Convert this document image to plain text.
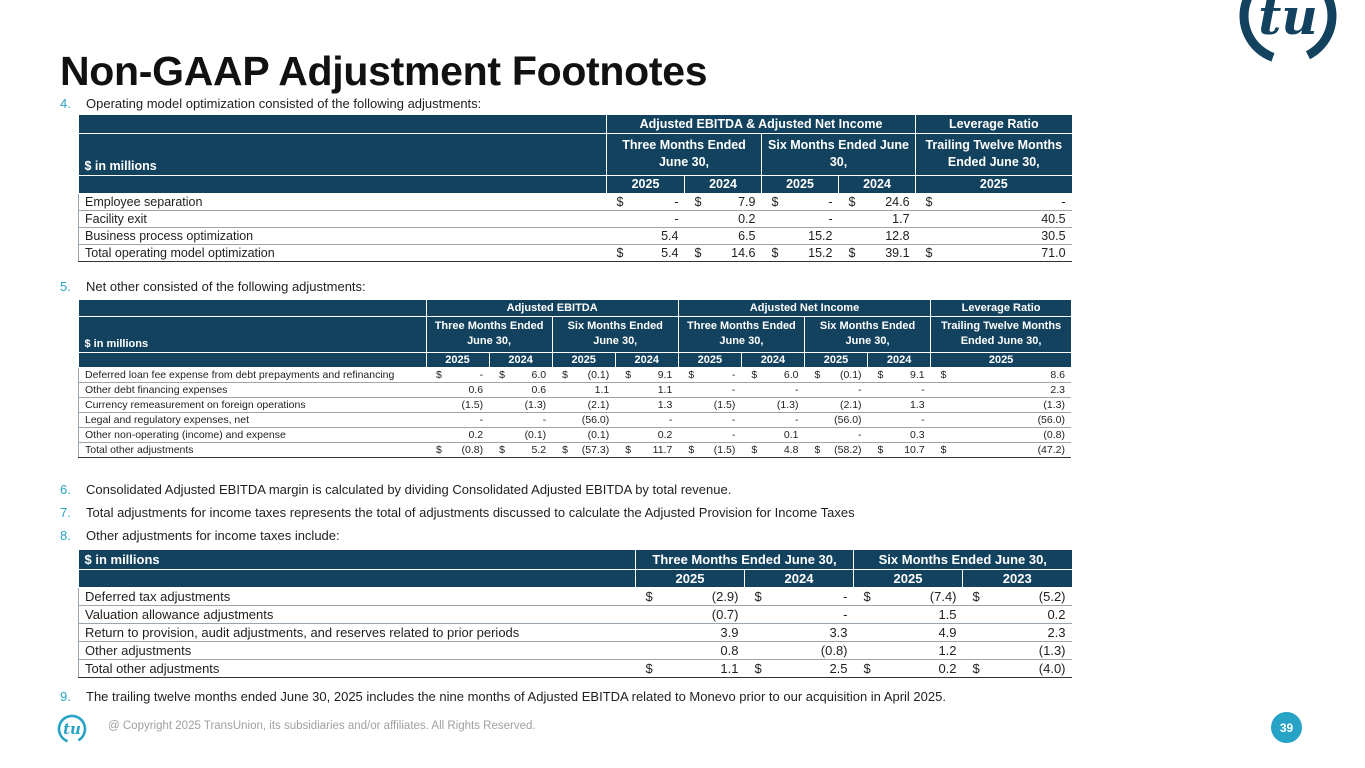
Non-GAAP Adjustment Footnotes
tu
4. Operating model optimization consisted of the following adjustments:
	Adjusted EBITDA & Adjusted Net Income				Leverage Ratio
$ in millions	Three Months Ended June 30,		Six Months Ended June 30,		Trailing Twelve Months Ended June 30,
	2025	2024	2025	2024	2025
Employee separation	$ -	$ 7.9	$ -	$ 24.6	$ -

Facility exit	-	0.2	-	1.7	40.5

Business process optimization	5.4	6.5	15.2	12.8	30.5

Total operating model optimization	$ 5.4	$ 14.6	$ 15.2	$ 39.1	$ 71.0
5. Net other consisted of the following adjustments:
	Adjusted EBITDA				Adjusted Net Income				Leverage Ratio
$ in millions	Three Months Ended June 30,		Six Months Ended June 30,		Three Months Ended June 30,		Six Months Ended June 30,		Trailing Twelve Months Ended June 30,
	2025	2024	2025	2024	2025	2024	2025	2024	2025
Deferred loan fee expense from debt prepayments and refinancing	$ -	$ 6.0	$ (0.1)	$ 9.1	$ -	$ 6.0	$ (0.1)	$ 9.1	$ 8.6

Other debt financing expenses	0.6	0.6	1.1	1.1	-	-	-	-	2.3

Currency remeasurement on foreign operations	(1.5)	(1.3)	(2.1)	1.3	(1.5)	(1.3)	(2.1)	1.3	(1.3)

Legal and regulatory expenses, net	-	-	(56.0)	-	-	-	(56.0)	-	(56.0)

Other non-operating (income) and expense	0.2	(0.1)	(0.1)	0.2	-	0.1	-	0.3	(0.8)

Total other adjustments	$ (0.8)	$ 5.2	$ (57.3)	$ 11.7	$ (1.5)	$ 4.8	$ (58.2)	$ 10.7	$ (47.2)
6. Consolidated Adjusted EBITDA margin is calculated by dividing Consolidated Adjusted EBITDA by total revenue.
7. Total adjustments for income taxes represents the total of adjustments discussed to calculate the Adjusted Provision for Income Taxes
8. Other adjustments for income taxes include:
$ in millions	Three Months Ended June 30,		Six Months Ended June 30,	
	2025	2024	2025	2023
Deferred tax adjustments	$ (2.9)	$ -	$ (7.4)	$ (5.2)

Valuation allowance adjustments	(0.7)	-	1.5	0.2

Return to provision, audit adjustments, and reserves related to prior periods	3.9	3.3	4.9	2.3

Other adjustments	0.8	(0.8)	1.2	(1.3)

Total other adjustments	$ 1.1	$ 2.5	$ 0.2	$ (4.0)
9. The trailing twelve months ended June 30, 2025 includes the nine months of Adjusted EBITDA related to Monevo prior to our acquisition in April 2025.
tu @ Copyright 2025 TransUnion, its subsidiaries and/or affiliates. All Rights Reserved.	39
